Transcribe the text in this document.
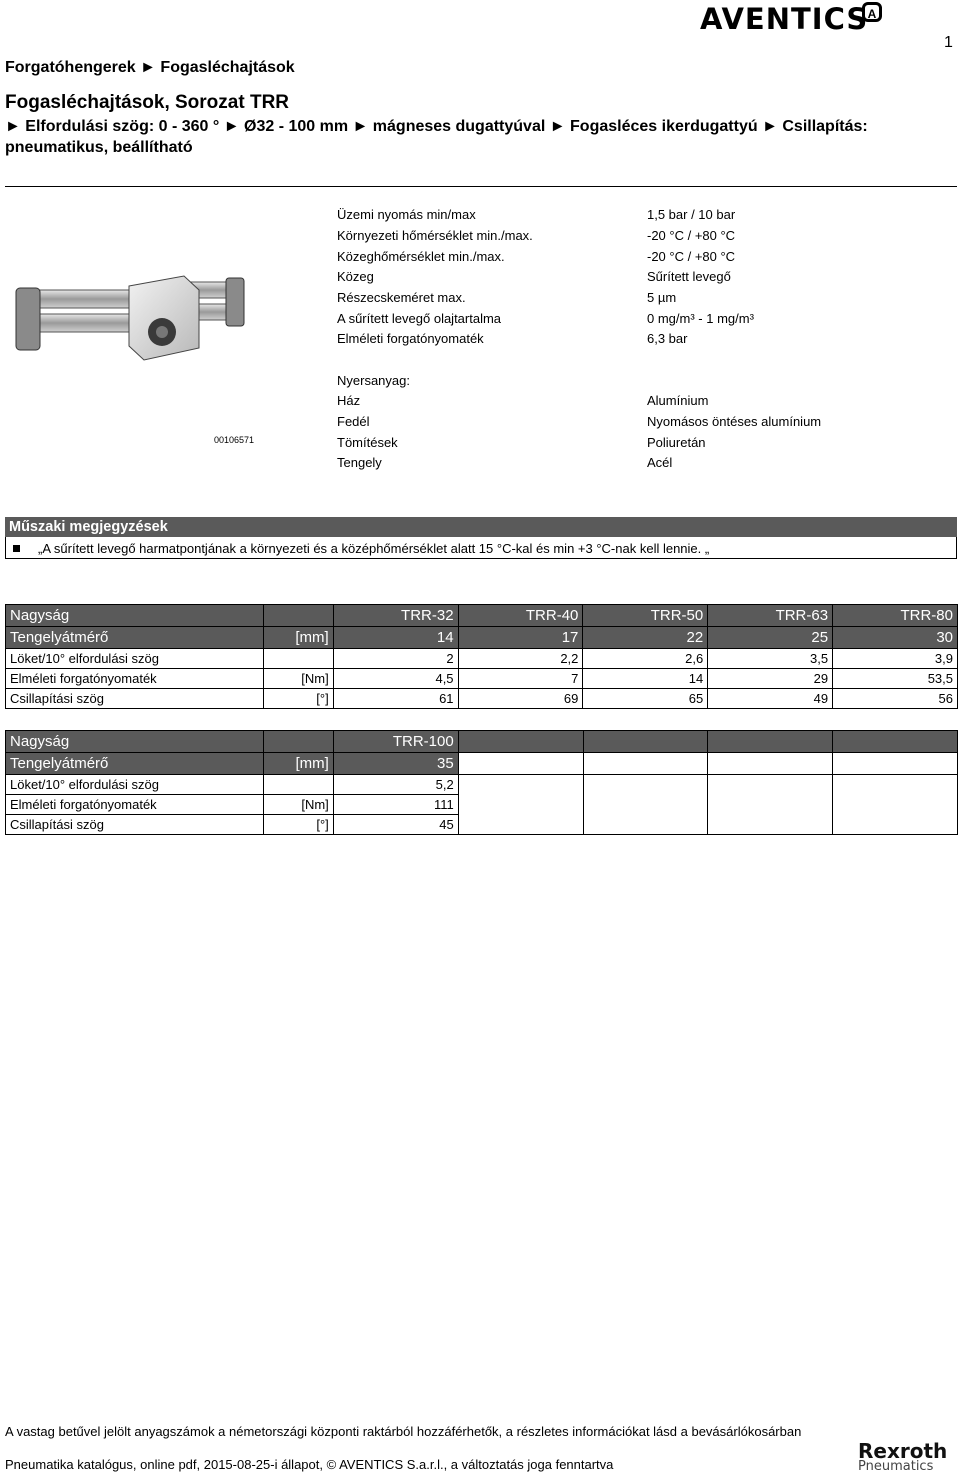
AVENTICS A
1
Forgatóhengerek ► Fogasléchajtások
Fogasléchajtások, Sorozat TRR
► Elfordulási szög: 0 - 360 ° ► Ø32 - 100 mm ► mágneses dugattyúval ► Fogasléces ikerdugattyú ► Csillapítás: pneumatikus, beállítható
00106571
Üzemi nyomás min/max	1,5 bar / 10 bar
Környezeti hőmérséklet min./max.	-20 °C / +80 °C
Közeghőmérséklet min./max.	-20 °C / +80 °C
Közeg	Sűrített levegő
Részecskeméret max.	5 µm
A sűrített levegő olajtartalma	0 mg/m³ - 1 mg/m³
Elméleti forgatónyomaték	6,3 bar
Nyersanyag:
Ház	Alumínium
Fedél	Nyomásos öntéses alumínium
Tömítések	Poliuretán
Tengely	Acél
Műszaki megjegyzések
„A sűrített levegő harmatpontjának a környezeti és a középhőmérséklet alatt 15 °C-kal és min +3 °C-nak kell lennie. „
Nagyság		TRR-32	TRR-40	TRR-50	TRR-63	TRR-80
Tengelyátmérő	[mm]	14	17	22	25	30
Löket/10° elfordulási szög		2	2,2	2,6	3,5	3,9
Elméleti forgatónyomaték	[Nm]	4,5	7	14	29	53,5
Csillapítási szög	[°]	61	69	65	49	56
Nagyság		TRR-100				
Tengelyátmérő	[mm]	35				
Löket/10° elfordulási szög		5,2				
Elméleti forgatónyomaték	[Nm]	111				
Csillapítási szög	[°]	45				
A vastag betűvel jelölt anyagszámok a németországi központi raktárból hozzáférhetők, a részletes információkat lásd a bevásárlókosárban
Pneumatika katalógus, online pdf, 2015-08-25-i állapot, © AVENTICS S.a.r.l., a változtatás joga fenntartva
Rexroth
Pneumatics
